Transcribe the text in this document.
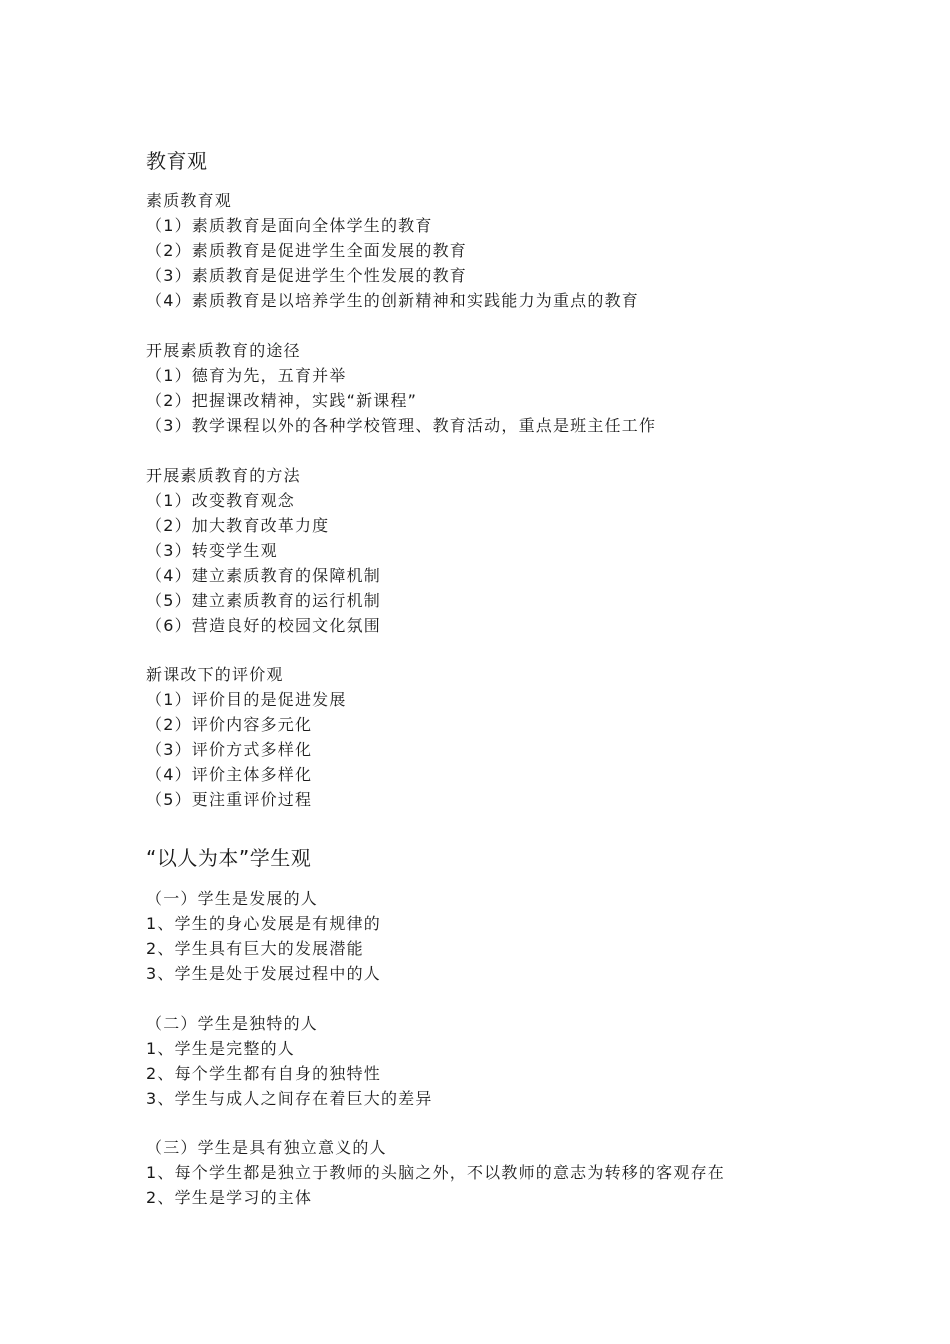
教育观
素质教育观
（1）素质教育是面向全体学生的教育
（2）素质教育是促进学生全面发展的教育
（3）素质教育是促进学生个性发展的教育
（4）素质教育是以培养学生的创新精神和实践能力为重点的教育
开展素质教育的途径
（1）德育为先，五育并举
（2）把握课改精神，实践“新课程”
（3）教学课程以外的各种学校管理、教育活动，重点是班主任工作
开展素质教育的方法
（1）改变教育观念
（2）加大教育改革力度
（3）转变学生观
（4）建立素质教育的保障机制
（5）建立素质教育的运行机制
（6）营造良好的校园文化氛围
新课改下的评价观
（1）评价目的是促进发展
（2）评价内容多元化
（3）评价方式多样化
（4）评价主体多样化
（5）更注重评价过程
“以人为本”学生观
（一）学生是发展的人
1、学生的身心发展是有规律的
2、学生具有巨大的发展潜能
3、学生是处于发展过程中的人
（二）学生是独特的人
1、学生是完整的人
2、每个学生都有自身的独特性
3、学生与成人之间存在着巨大的差异
（三）学生是具有独立意义的人
1、每个学生都是独立于教师的头脑之外，不以教师的意志为转移的客观存在
2、学生是学习的主体
